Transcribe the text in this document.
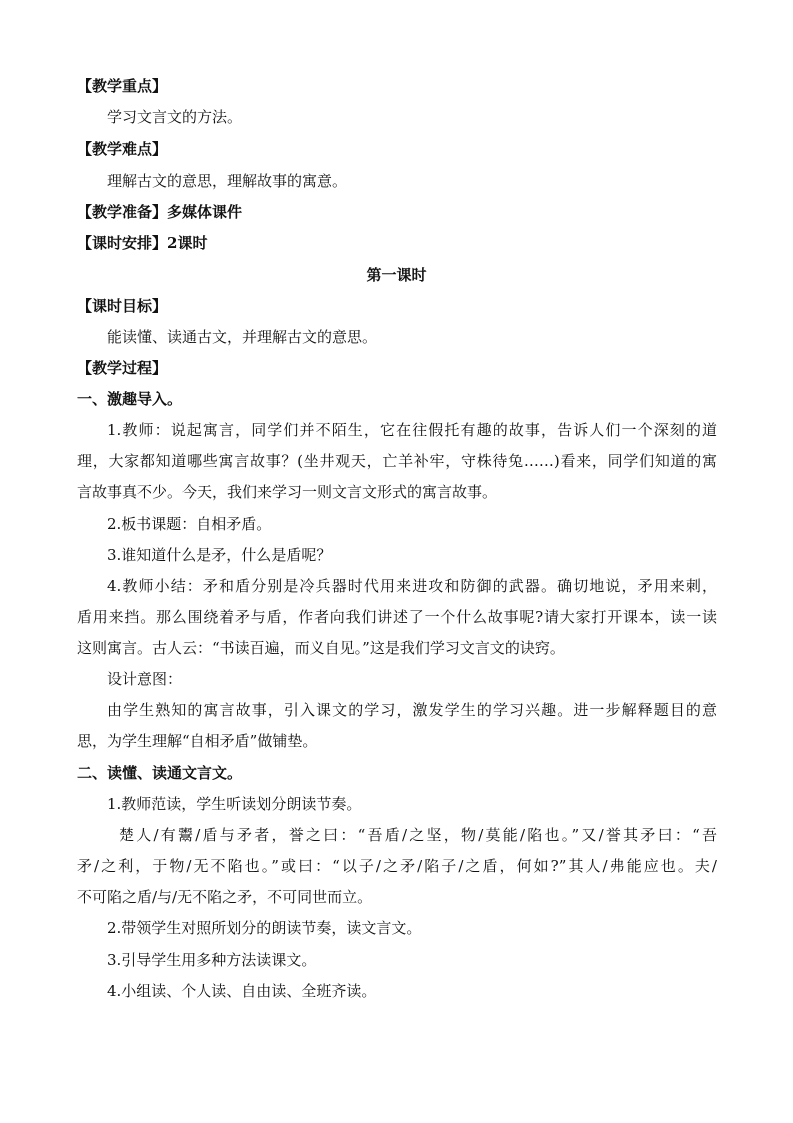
【教学重点】
学习文言文的方法。
【教学难点】
理解古文的意思，理解故事的寓意。
【教学准备】多媒体课件
【课时安排】2课时
第一课时
【课时目标】
能读懂、读通古文，并理解古文的意思。
【教学过程】
一、激趣导入。
1.教师：说起寓言，同学们并不陌生，它在往假托有趣的故事，告诉人们一个深刻的道
理，大家都知道哪些寓言故事？(坐井观天，亡羊补牢，守株待兔……)看来，同学们知道的寓
言故事真不少。今天，我们来学习一则文言文形式的寓言故事。
2.板书课题：自相矛盾。
3.谁知道什么是矛，什么是盾呢？
4.教师小结：矛和盾分别是冷兵器时代用来进攻和防御的武器。确切地说，矛用来刺，
盾用来挡。那么围绕着矛与盾，作者向我们讲述了一个什么故事呢?请大家打开课本，读一读
这则寓言。古人云：“书读百遍，而义自见。”这是我们学习文言文的诀窍。
设计意图：
由学生熟知的寓言故事，引入课文的学习，激发学生的学习兴趣。进一步解释题目的意
思，为学生理解“自相矛盾”做铺垫。
二、读懂、读通文言文。
1.教师范读，学生听读划分朗读节奏。
楚人/有鬻/盾与矛者，誉之曰：“吾盾/之坚，物/莫能/陷也。”又/誉其矛曰：“吾
矛/之利，于物/无不陷也。”或曰：“以子/之矛/陷子/之盾，何如?”其人/弗能应也。夫/
不可陷之盾/与/无不陷之矛，不可同世而立。
2.带领学生对照所划分的朗读节奏，读文言文。
3.引导学生用多种方法读课文。
4.小组读、个人读、自由读、全班齐读。
